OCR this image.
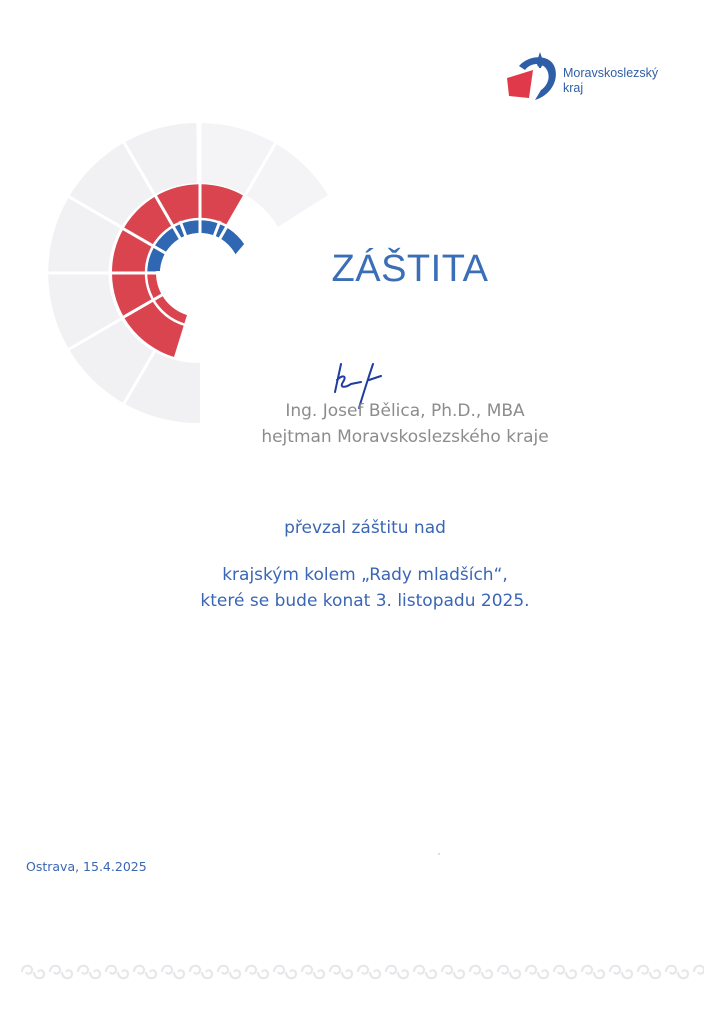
Moravskoslezský
kraj
ZÁŠTITA
Ing. Josef Bělica, Ph.D., MBA
hejtman Moravskoslezského kraje
převzal záštitu nad
krajským kolem „Rady mladších“,
které se bude konat 3. listopadu 2025.
Ostrava, 15.4.2025
